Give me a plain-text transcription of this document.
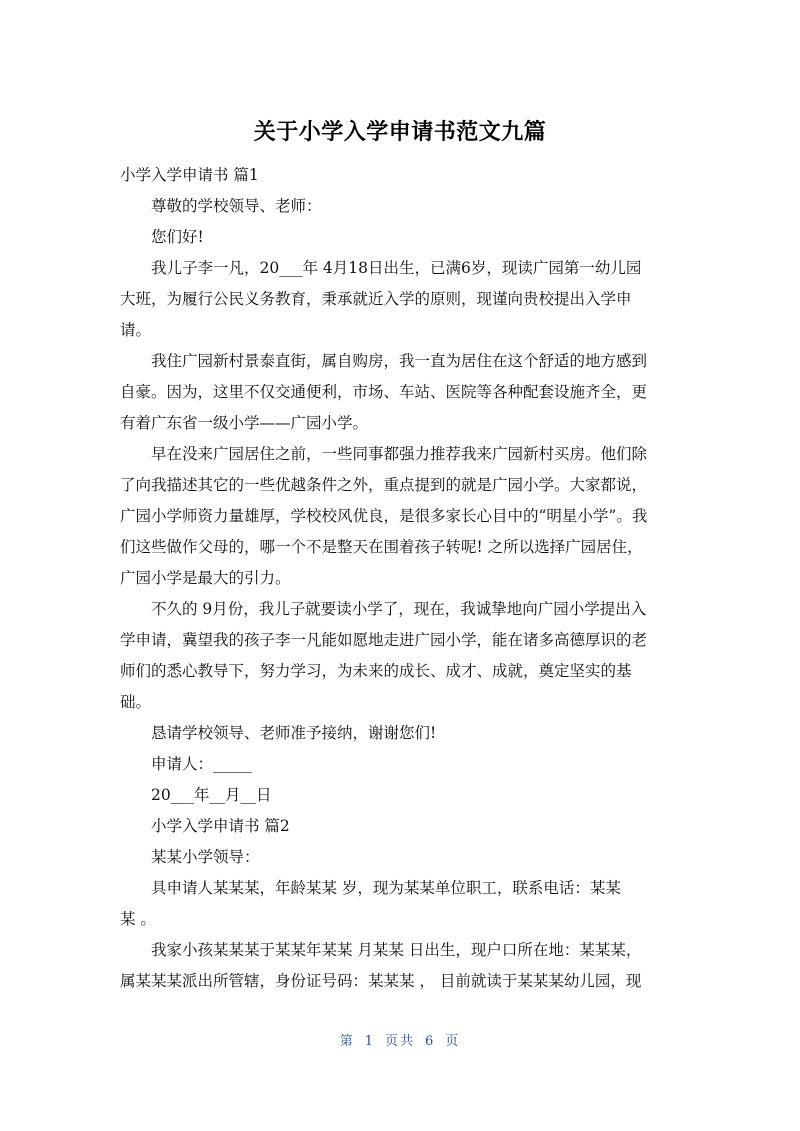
关于小学入学申请书范文九篇
小学入学申请书 篇1
尊敬的学校领导、老师：
您们好!
我儿子李一凡，20___年 4月18日出生，已满6岁，现读广园第一幼儿园
大班，为履行公民义务教育，秉承就近入学的原则，现谨向贵校提出入学申
请。
我住广园新村景泰直街，属自购房，我一直为居住在这个舒适的地方感到
自豪。因为，这里不仅交通便利，市场、车站、医院等各种配套设施齐全，更
有着广东省一级小学——广园小学。
早在没来广园居住之前，一些同事都强力推荐我来广园新村买房。他们除
了向我描述其它的一些优越条件之外，重点提到的就是广园小学。大家都说，
广园小学师资力量雄厚，学校校风优良，是很多家长心目中的“明星小学”。我
们这些做作父母的，哪一个不是整天在围着孩子转呢! 之所以选择广园居住，
广园小学是最大的引力。
不久的 9月份，我儿子就要读小学了，现在，我诚挚地向广园小学提出入
学申请，冀望我的孩子李一凡能如愿地走进广园小学，能在诸多高德厚识的老
师们的悉心教导下，努力学习，为未来的成长、成才、成就，奠定坚实的基
础。
恳请学校领导、老师准予接纳，谢谢您们!
申请人：_____
20___年__月__日
小学入学申请书 篇2
某某小学领导：
具申请人某某某，年龄某某 岁，现为某某单位职工，联系电话：某某
某 。
我家小孩某某某于某某年某某 月某某 日出生，现户口所在地：某某某，
属某某某派出所管辖，身份证号码：某某某 ， 目前就读于某某某幼儿园，现
第 1 页共 6 页
